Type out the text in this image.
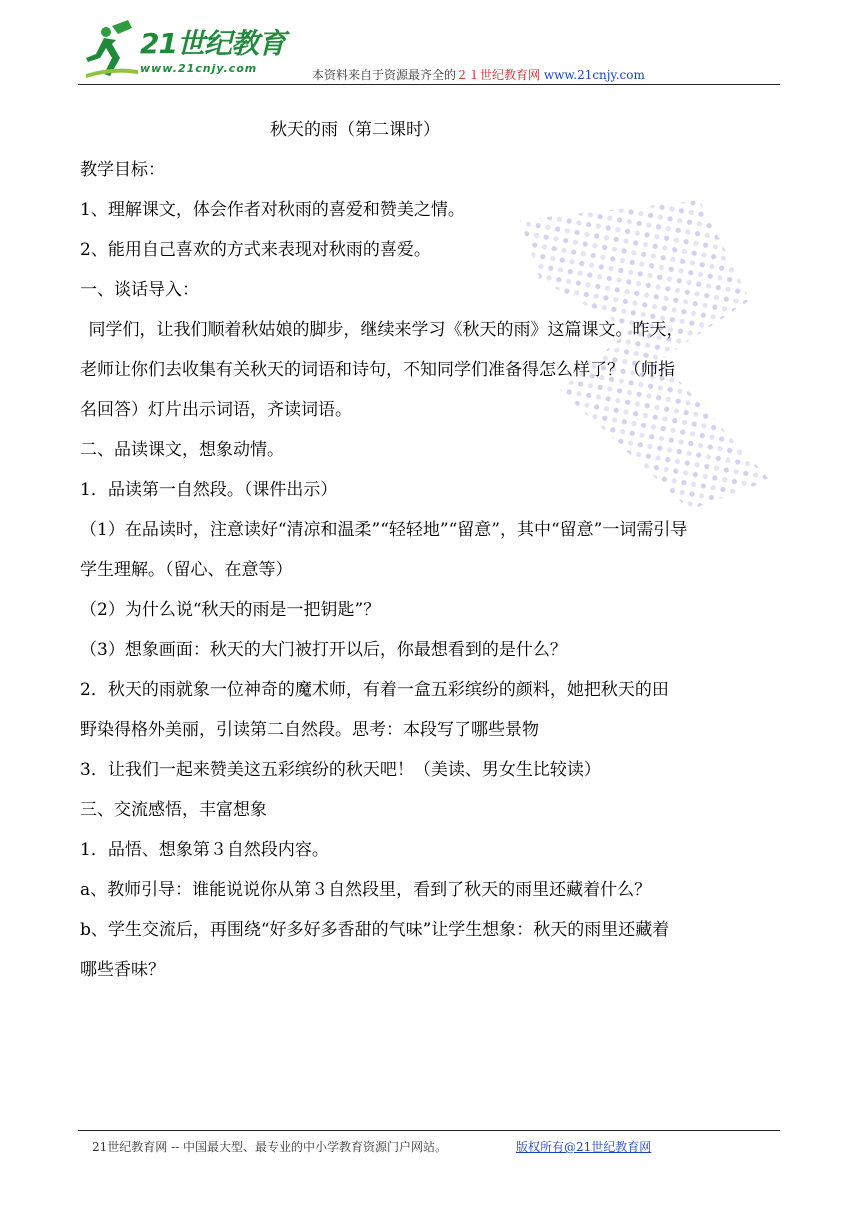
21世纪教育
www.21cnjy.com	本资料来自于资源最齐全的２１世纪教育网 www.21cnjy.com
秋天的雨（第二课时）

教学目标：

1、理解课文，体会作者对秋雨的喜爱和赞美之情。

2、能用自己喜欢的方式来表现对秋雨的喜爱。

一、谈话导入：

同学们，让我们顺着秋姑娘的脚步，继续来学习《秋天的雨》这篇课文。昨天，

老师让你们去收集有关秋天的词语和诗句，不知同学们准备得怎么样了？（师指

名回答）灯片出示词语，齐读词语。

二、品读课文，想象动情。

1．品读第一自然段。（课件出示）

（1）在品读时，注意读好“清凉和温柔”“轻轻地”“留意”，其中“留意”一词需引导

学生理解。（留心、在意等）

（2）为什么说“秋天的雨是一把钥匙”？

（3）想象画面：秋天的大门被打开以后，你最想看到的是什么？

2．秋天的雨就象一位神奇的魔术师，有着一盒五彩缤纷的颜料，她把秋天的田

野染得格外美丽，引读第二自然段。思考：本段写了哪些景物

3．让我们一起来赞美这五彩缤纷的秋天吧！（美读、男女生比较读）

三、交流感悟，丰富想象

1．品悟、想象第３自然段内容。

a、教师引导：谁能说说你从第３自然段里，看到了秋天的雨里还藏着什么？

b、学生交流后，再围绕“好多好多香甜的气味”让学生想象：秋天的雨里还藏着

哪些香味？

21世纪教育网 -- 中国最大型、最专业的中小学教育资源门户网站。	版权所有@21世纪教育网
